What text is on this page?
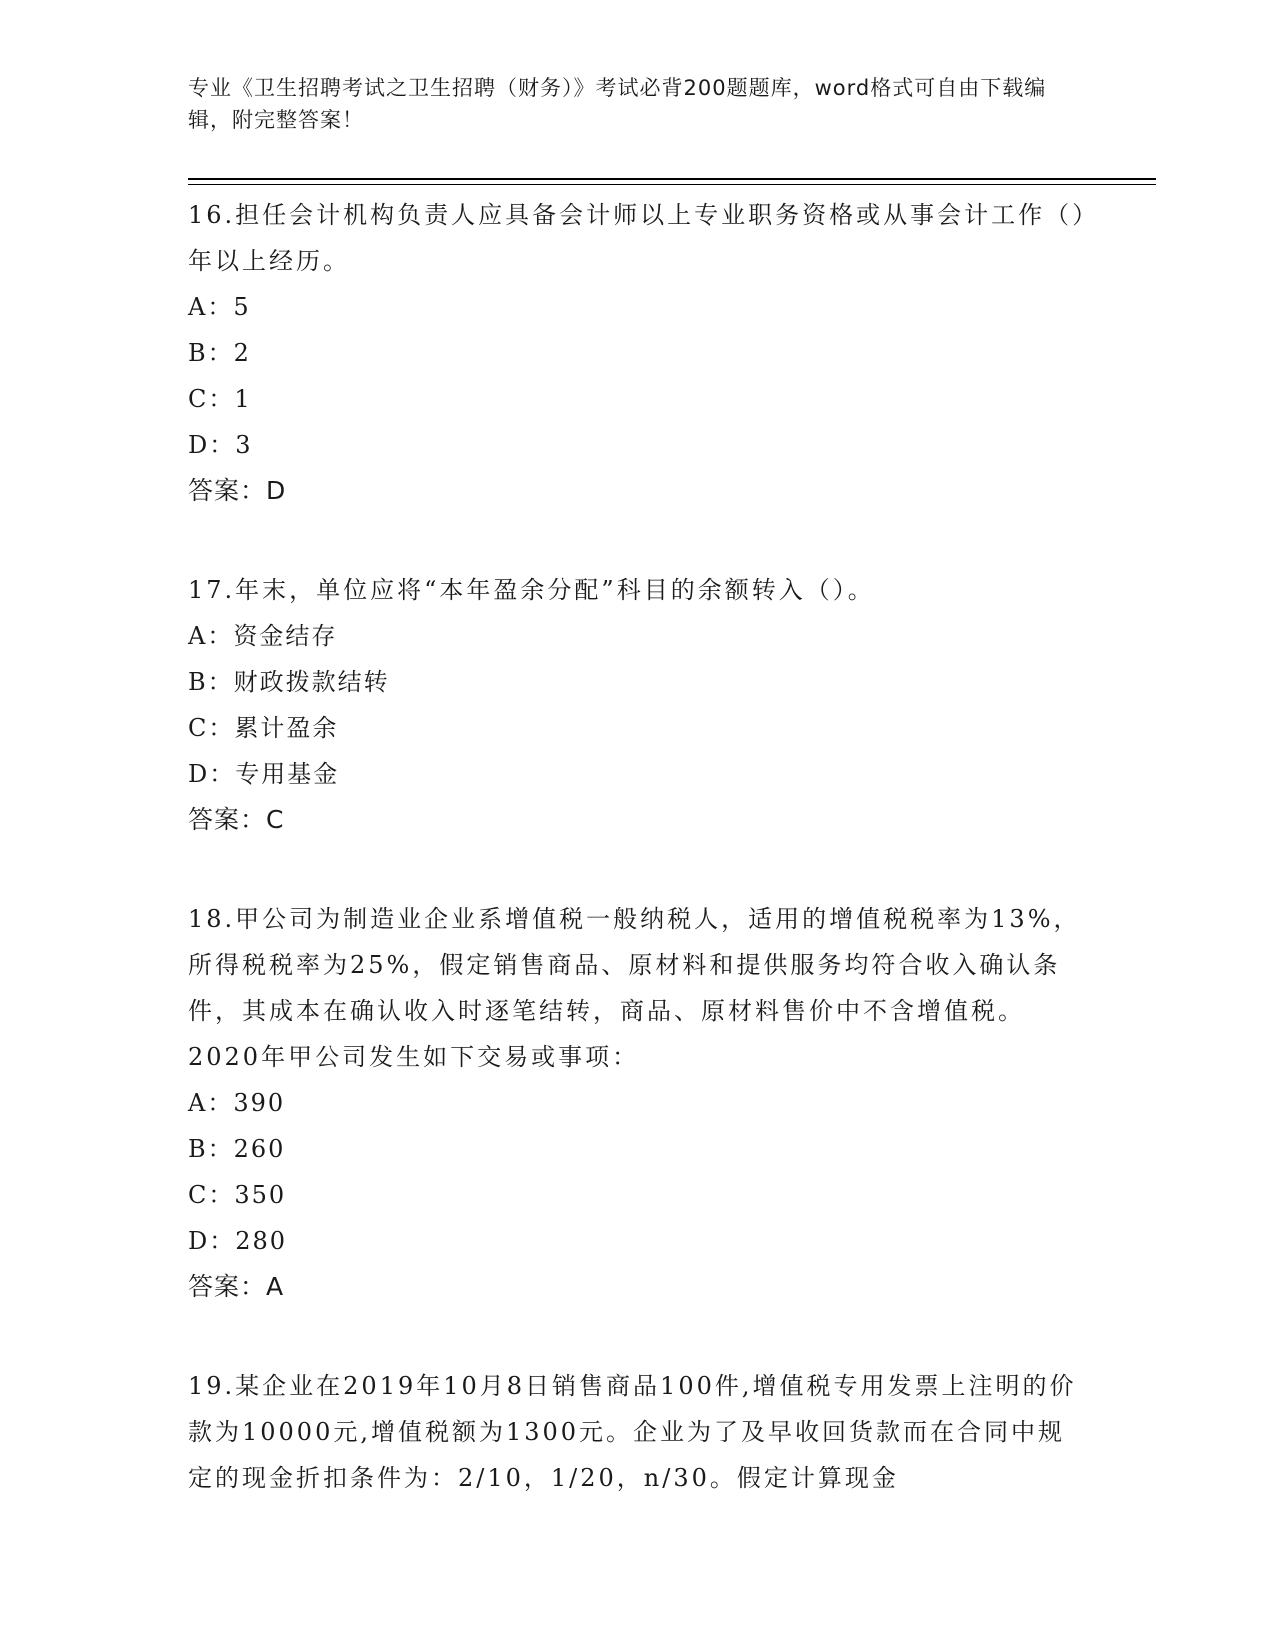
专业《卫生招聘考试之卫生招聘（财务）》考试必背200题题库，word格式可自由下载编辑，附完整答案！

16.担任会计机构负责人应具备会计师以上专业职务资格或从事会计工作（）年以上经历。

A：5

B：2

C：1

D：3

答案：D

17.年末，单位应将“本年盈余分配”科目的余额转入（）。

A：资金结存

B：财政拨款结转

C：累计盈余

D：专用基金

答案：C

18.甲公司为制造业企业系增值税一般纳税人，适用的增值税税率为13%，所得税税率为25%，假定销售商品、原材料和提供服务均符合收入确认条件，其成本在确认收入时逐笔结转，商品、原材料售价中不含增值税。2020年甲公司发生如下交易或事项：

A：390

B：260

C：350

D：280

答案：A

19.某企业在2019年10月8日销售商品100件,增值税专用发票上注明的价款为10000元,增值税额为1300元。企业为了及早收回货款而在合同中规定的现金折扣条件为：2/10，1/20，n/30。假定计算现金
